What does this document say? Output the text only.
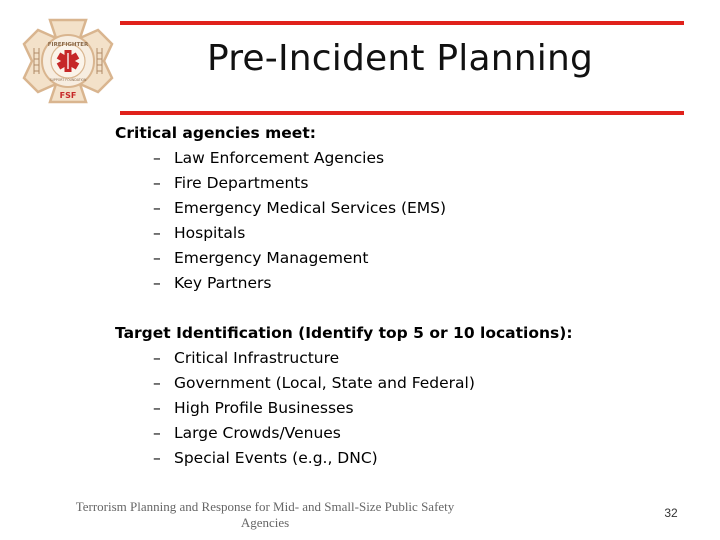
FIREFIGHTER
SUPPORT FOUNDATION
FSF
Pre-Incident Planning
Critical agencies meet:
– Law Enforcement Agencies
– Fire Departments
– Emergency Medical Services (EMS)
– Hospitals
– Emergency Management
– Key Partners
Target Identification (Identify top 5 or 10 locations):
– Critical Infrastructure
– Government (Local, State and Federal)
– High Profile Businesses
– Large Crowds/Venues
– Special Events (e.g., DNC)
Terrorism Planning and Response for Mid- and Small-Size Public Safety Agencies
32
